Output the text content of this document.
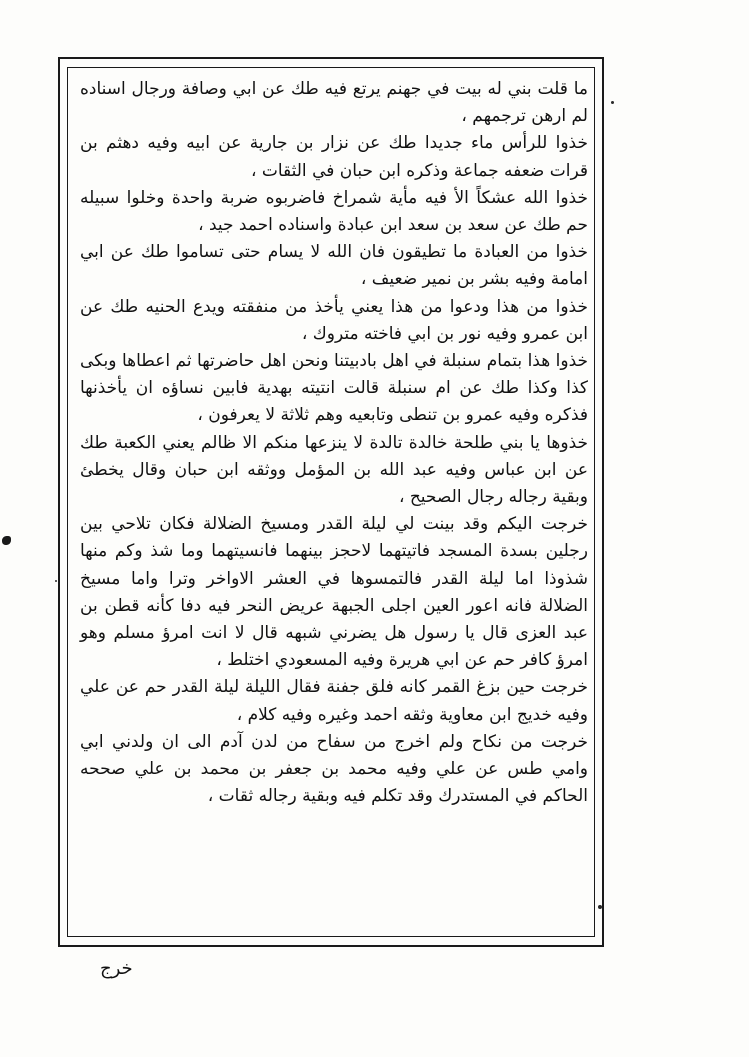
ما قلت بني له بيت في جهنم يرتع فيه طك عن ابي وصافة ورجال اسناده لم ارهن ترجمهم ،

خذوا للرأس ماء جديدا طك عن نزار بن جارية عن ابيه وفيه دهثم بن قرات ضعفه جماعة وذكره ابن حبان في الثقات ،

خذوا الله عشكاً الأ فيه مأية شمراخ فاضربوه ضربة واحدة وخلوا سبيله حم طك عن سعد بن سعد ابن عبادة واسناده احمد جيد ،

خذوا من العبادة ما تطيقون فان الله لا يسام حتى تساموا طك عن ابي امامة وفيه بشر بن نمير ضعيف ،

خذوا من هذا ودعوا من هذا يعني يأخذ من منفقته ويدع الحنيه طك عن ابن عمرو وفيه نور بن ابي فاخته متروك ،

خذوا هذا بتمام سنبلة في اهل بادبيتنا ونحن اهل حاضرتها ثم اعطاها وبكى كذا وكذا طك عن ام سنبلة قالت انتيته بهدية فابين نساؤه ان يأخذنها فذكره وفيه عمرو بن تنطى وتابعيه وهم ثلاثة لا يعرفون ،

خذوها يا بني طلحة خالدة تالدة لا ينزعها منكم الا ظالم يعني الكعبة طك عن ابن عباس وفيه عبد الله بن المؤمل ووثقه ابن حبان وقال يخطئ وبقية رجاله رجال الصحيح ،

خرجت اليكم وقد بينت لي ليلة القدر ومسيخ الضلالة فكان تلاحي بين رجلين بسدة المسجد فاتيتهما لاحجز بينهما فانسيتهما وما شذ وكم منها شذوذا اما ليلة القدر فالتمسوها في العشر الاواخر وترا واما مسيخ الضلالة فانه اعور العين اجلى الجبهة عريض النحر فيه دفا كأنه قطن بن عبد العزى قال يا رسول هل يضرني شبهه قال لا انت امرؤ مسلم وهو امرؤ كافر حم عن ابي هريرة وفيه المسعودي اختلط ،

خرجت حين بزغ القمر كانه فلق جفنة فقال الليلة ليلة القدر حم عن علي وفيه خديج ابن معاوية وثقه احمد وغيره وفيه كلام ،

خرجت من نكاح ولم اخرج من سفاح من لدن آدم الى ان ولدني ابي وامي طس عن علي وفيه محمد بن جعفر بن محمد بن علي صححه الحاكم في المستدرك وقد تكلم فيه وبقية رجاله ثقات ،

خرج
